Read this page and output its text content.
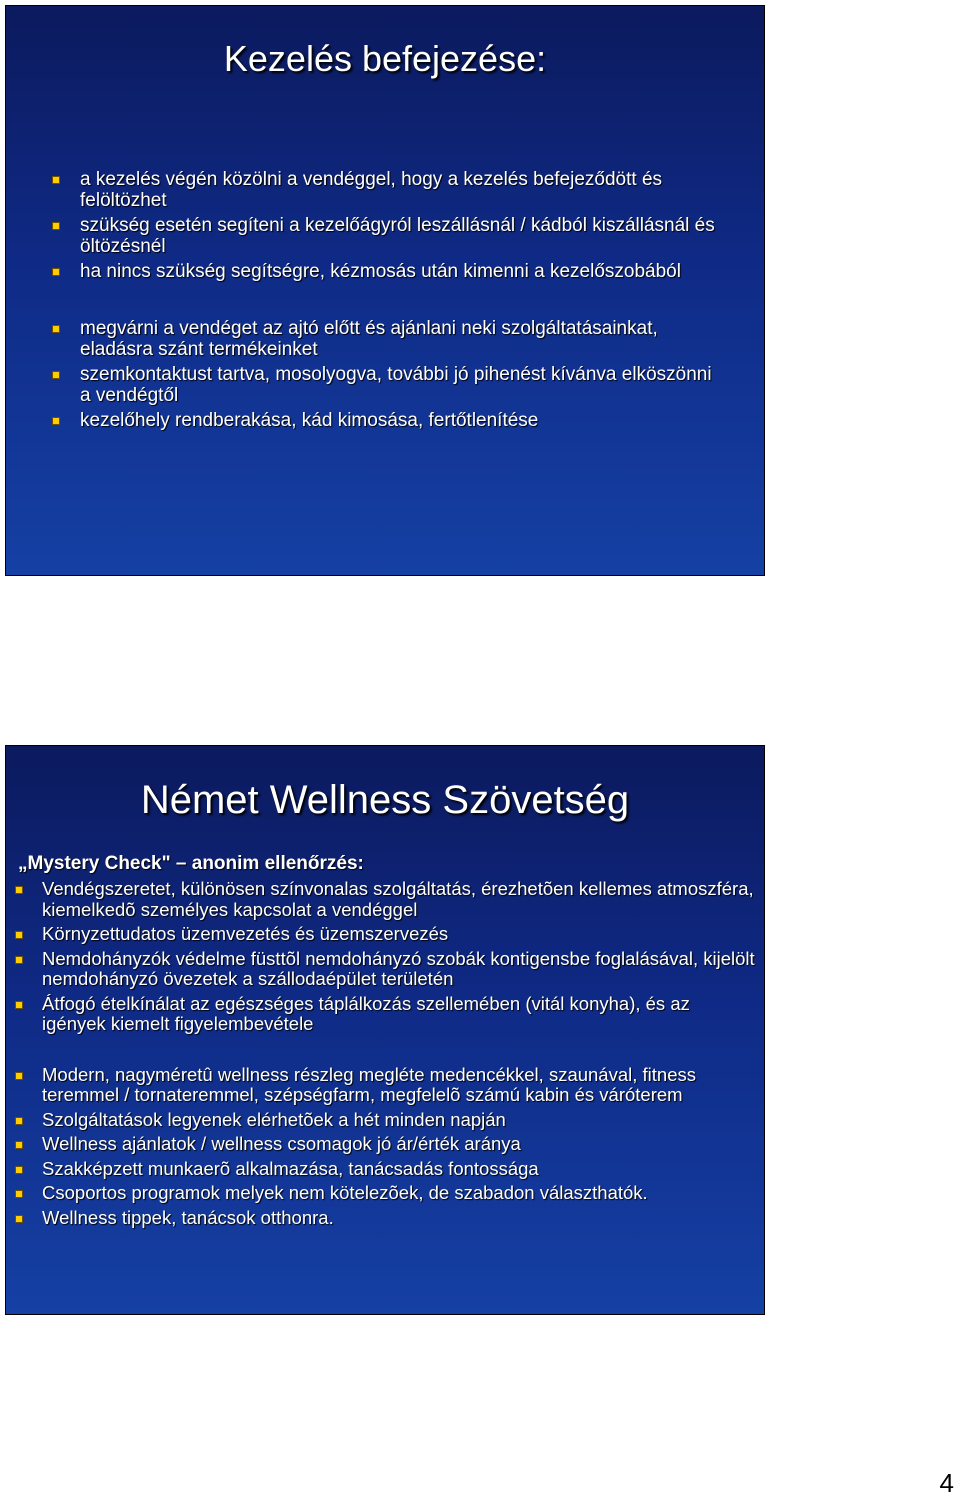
Kezelés befejezése:
a kezelés végén közölni a vendéggel, hogy a kezelés befejeződött és felöltözhet
szükség esetén segíteni a kezelőágyról leszállásnál / kádból kiszállásnál és öltözésnél
ha nincs szükség segítségre, kézmosás után kimenni a kezelőszobából
megvárni a vendéget az ajtó előtt és ajánlani neki szolgáltatásainkat, eladásra szánt termékeinket
szemkontaktust tartva, mosolyogva, további jó pihenést kívánva elköszönni a vendégtől
kezelőhely rendberakása, kád kimosása, fertőtlenítése
Német Wellness Szövetség
„Mystery Check" – anonim ellenőrzés:
Vendégszeretet, különösen színvonalas szolgáltatás, érezhetõen kellemes atmoszféra, kiemelkedõ személyes kapcsolat a vendéggel
Környzettudatos üzemvezetés és üzemszervezés
Nemdohányzók védelme füsttõl nemdohányzó szobák kontigensbe foglalásával, kijelölt nemdohányzó övezetek a szállodaépület területén
Átfogó ételkínálat az egészséges táplálkozás szellemében (vitál konyha), és az igények kiemelt figyelembevétele
Modern, nagyméretû wellness részleg megléte medencékkel, szaunával, fitness teremmel / tornateremmel, szépségfarm, megfelelõ számú kabin és váróterem
Szolgáltatások legyenek elérhetõek a hét minden napján
Wellness ajánlatok / wellness csomagok jó ár/érték aránya
Szakképzett munkaerõ alkalmazása, tanácsadás fontossága
Csoportos programok melyek nem kötelezõek, de szabadon választhatók.
Wellness tippek, tanácsok otthonra.
4
